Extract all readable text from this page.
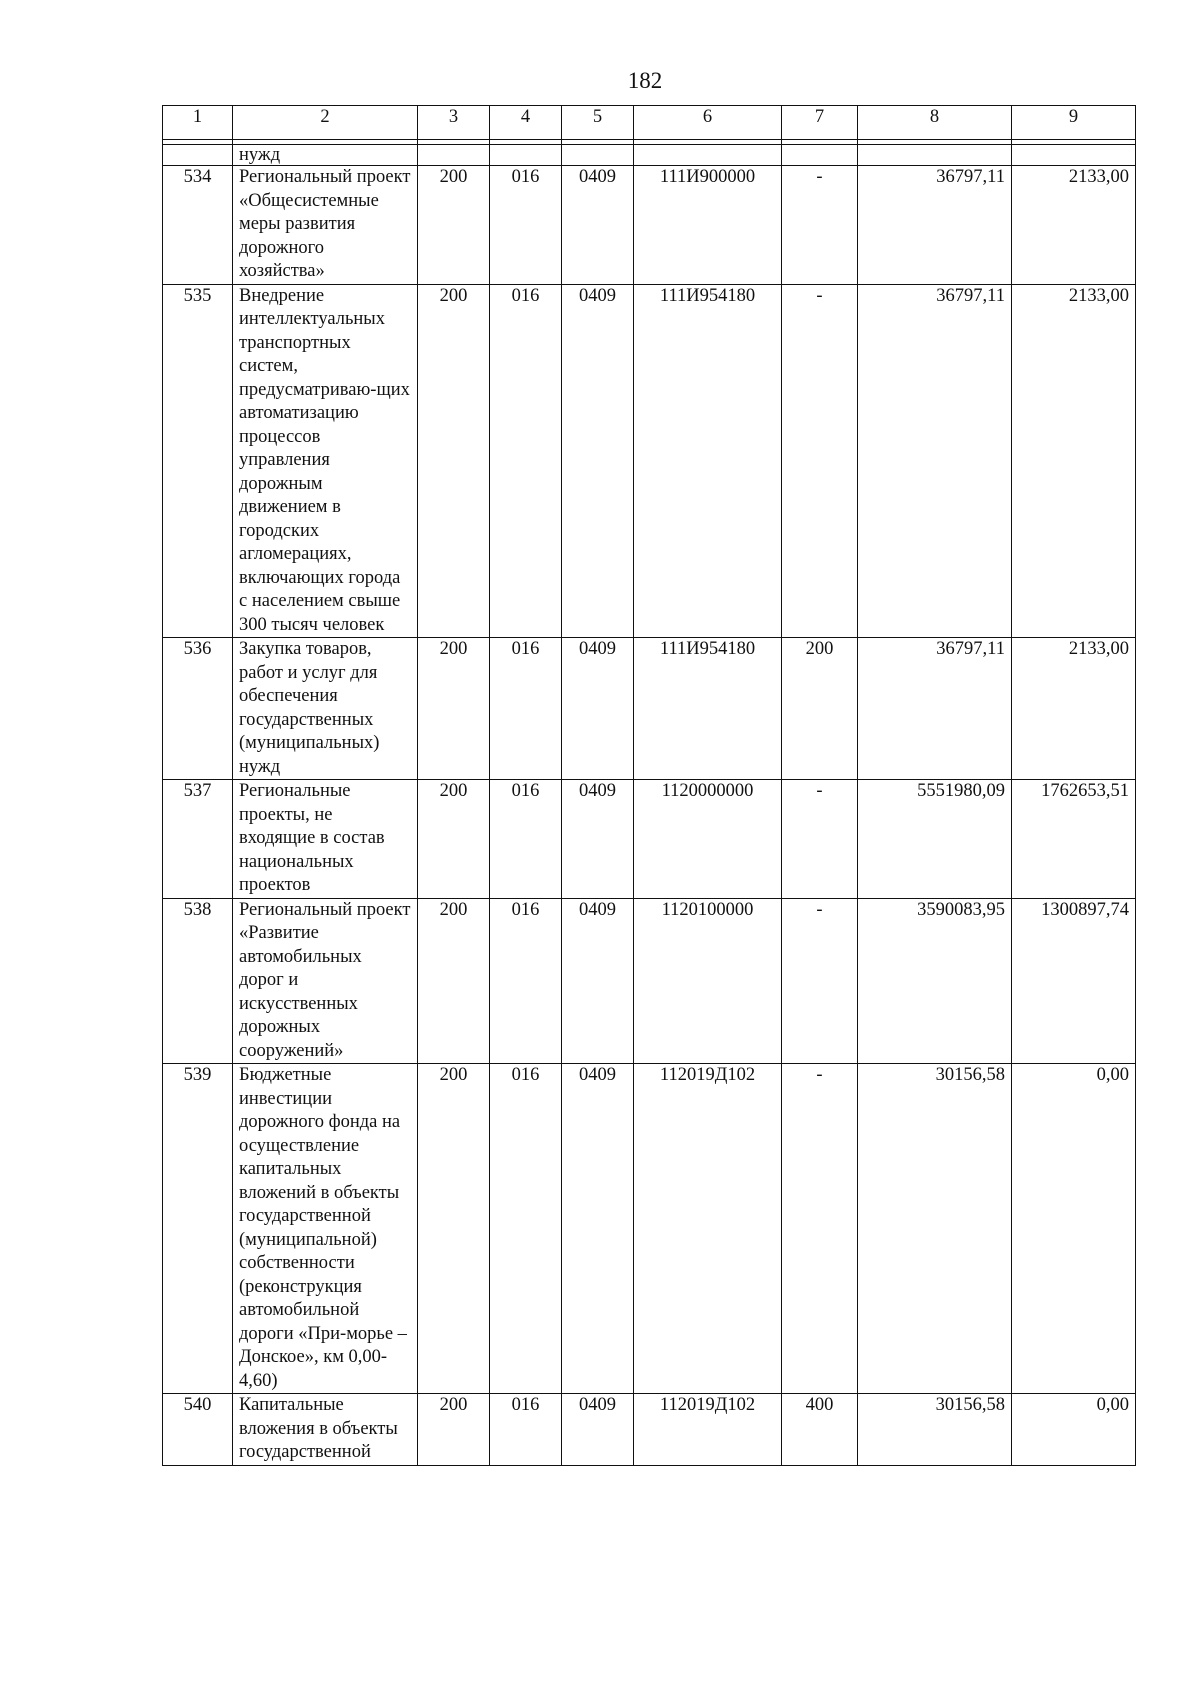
182
1	2	3	4	5	6	7	8	9

	нужд							
534	Региональный проект «Общесистемные меры развития дорожного хозяйства»	200	016	0409	111И900000	-	36797,11	2133,00
535	Внедрение интеллектуальных транспортных систем, предусматриваю-щих автоматизацию процессов управления дорожным движением в городских агломерациях, включающих города с населением свыше 300 тысяч человек	200	016	0409	111И954180	-	36797,11	2133,00
536	Закупка товаров, работ и услуг для обеспечения государственных (муниципальных) нужд	200	016	0409	111И954180	200	36797,11	2133,00
537	Региональные проекты, не входящие в состав национальных проектов	200	016	0409	1120000000	-	5551980,09	1762653,51
538	Региональный проект «Развитие автомобильных дорог и искусственных дорожных сооружений»	200	016	0409	1120100000	-	3590083,95	1300897,74
539	Бюджетные инвестиции дорожного фонда на осуществление капитальных вложений в объекты государственной (муниципальной) собственности (реконструкция автомобильной дороги «При-морье – Донское», км 0,00-4,60)	200	016	0409	112019Д102	-	30156,58	0,00
540	Капитальные вложения в объекты государственной	200	016	0409	112019Д102	400	30156,58	0,00
